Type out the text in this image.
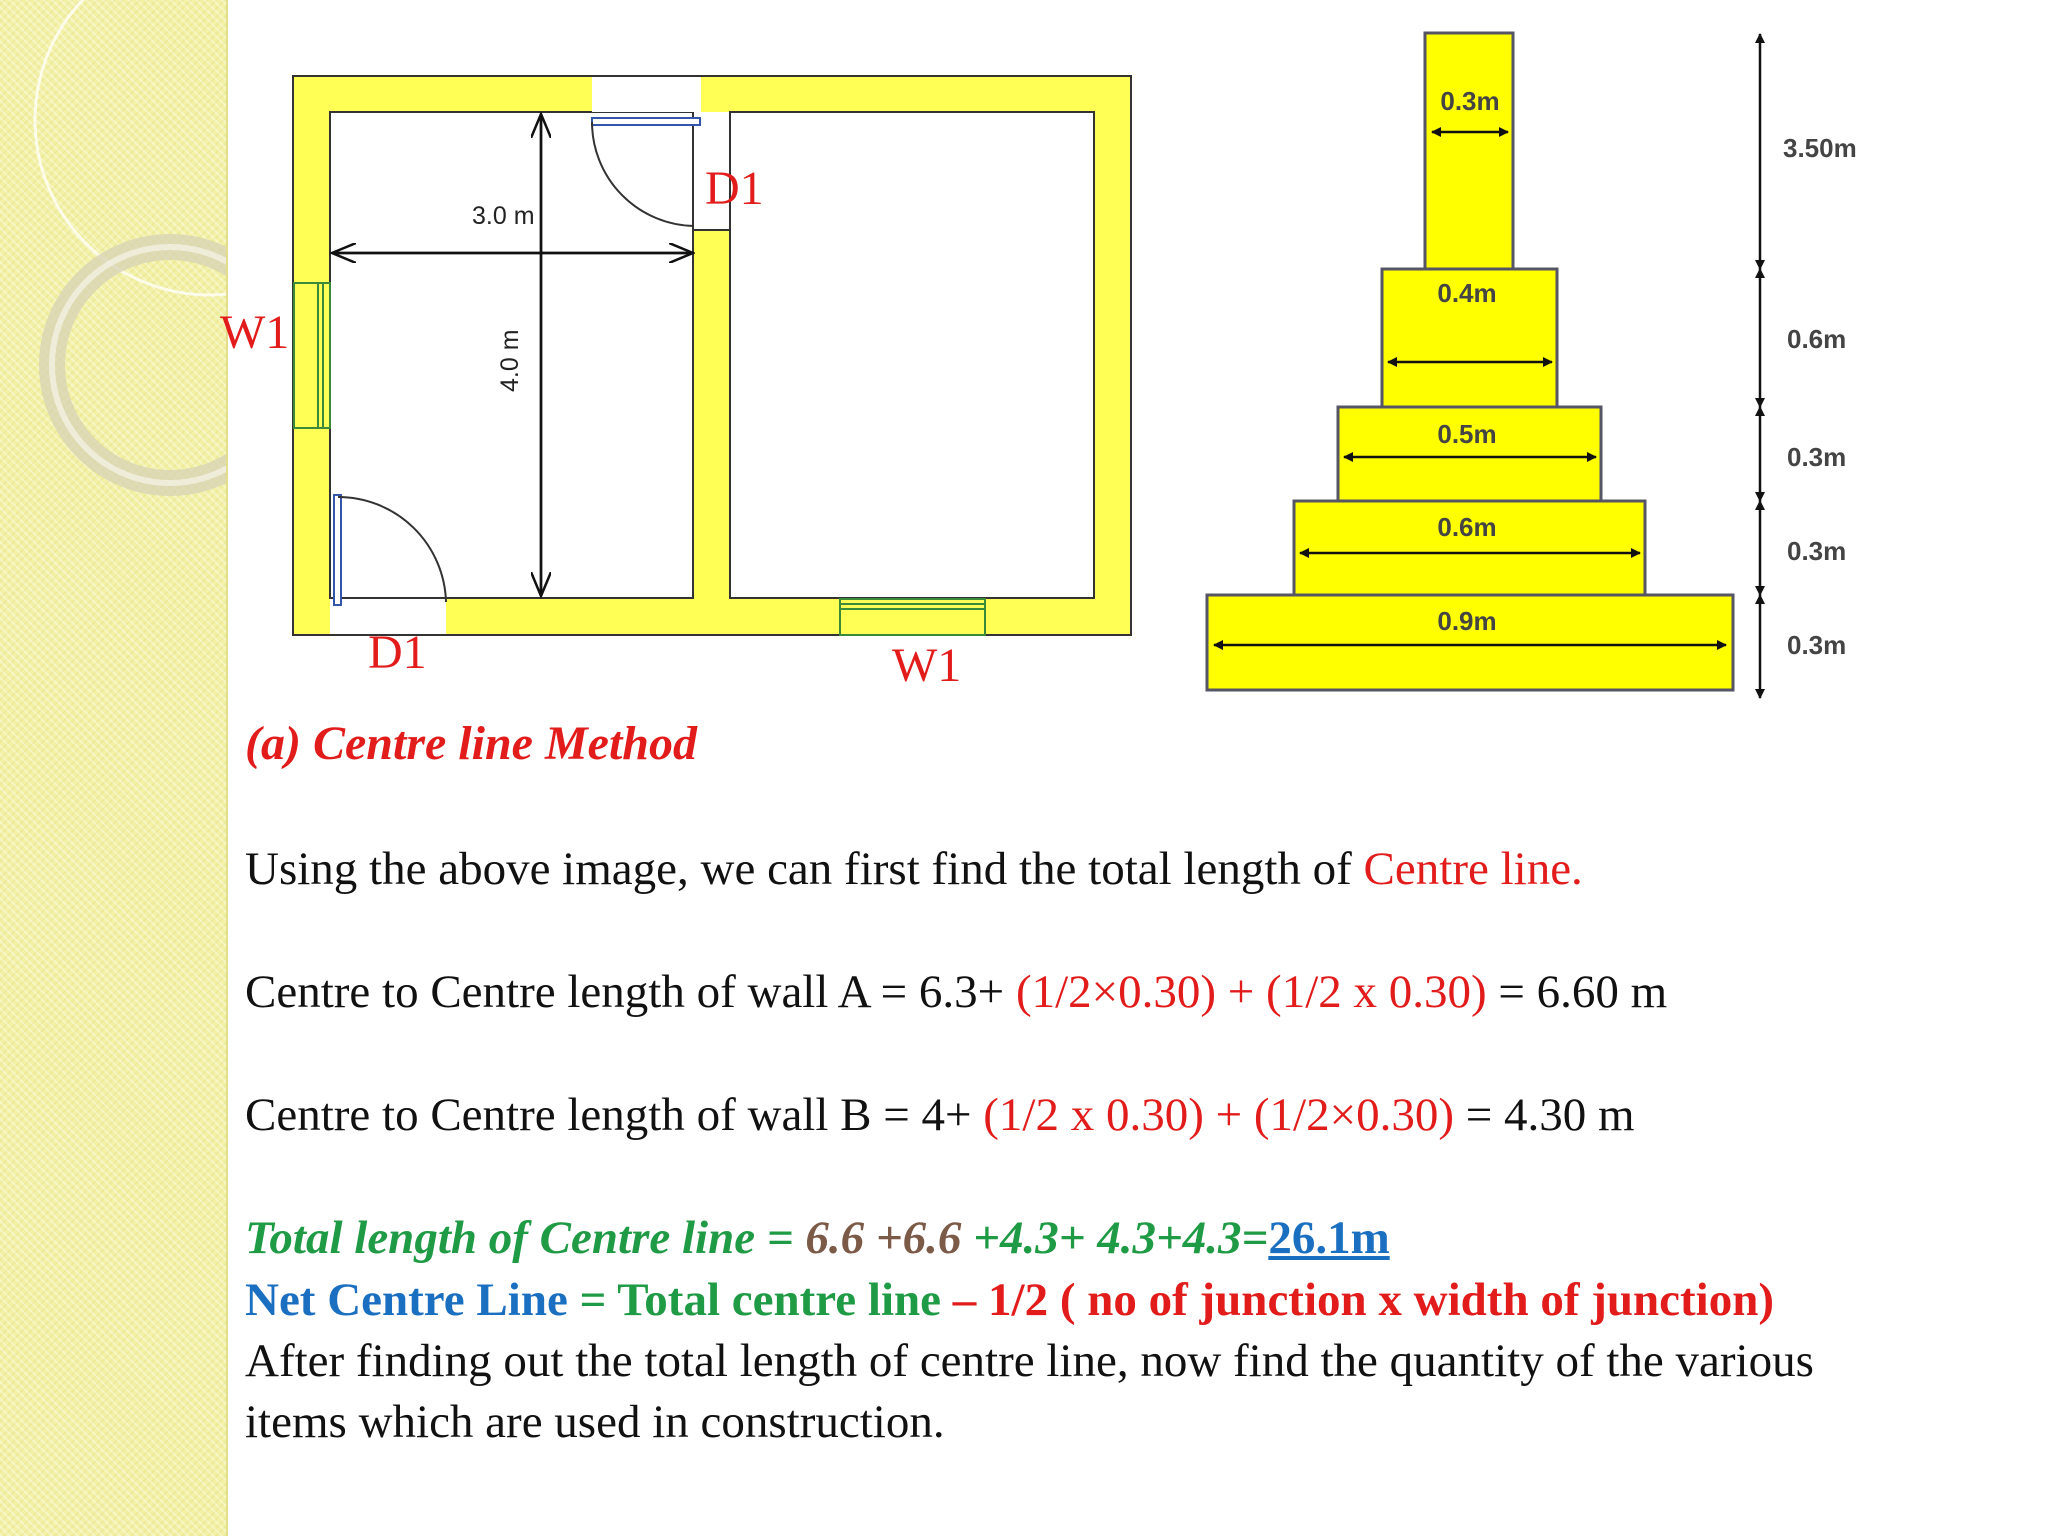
3.0 m
4.0 m
0.3m
0.4m
0.5m
0.6m
0.9m
3.50m
0.6m
0.3m
0.3m
0.3m
D1
D1
W1
W1
(a) Centre line Method
Using the above image, we can first find the total length of Centre line.
Centre to Centre length of wall A = 6.3+ (1/2×0.30) + (1/2 x 0.30) = 6.60 m
Centre to Centre length of wall B = 4+ (1/2 x 0.30) + (1/2×0.30) = 4.30 m
Total length of Centre line = 6.6 +6.6 +4.3+ 4.3+4.3=26.1m
Net Centre Line = Total centre line – 1/2 ( no of junction x width of junction)
After finding out the total length of centre line, now find the quantity of the various
items which are used in construction.
